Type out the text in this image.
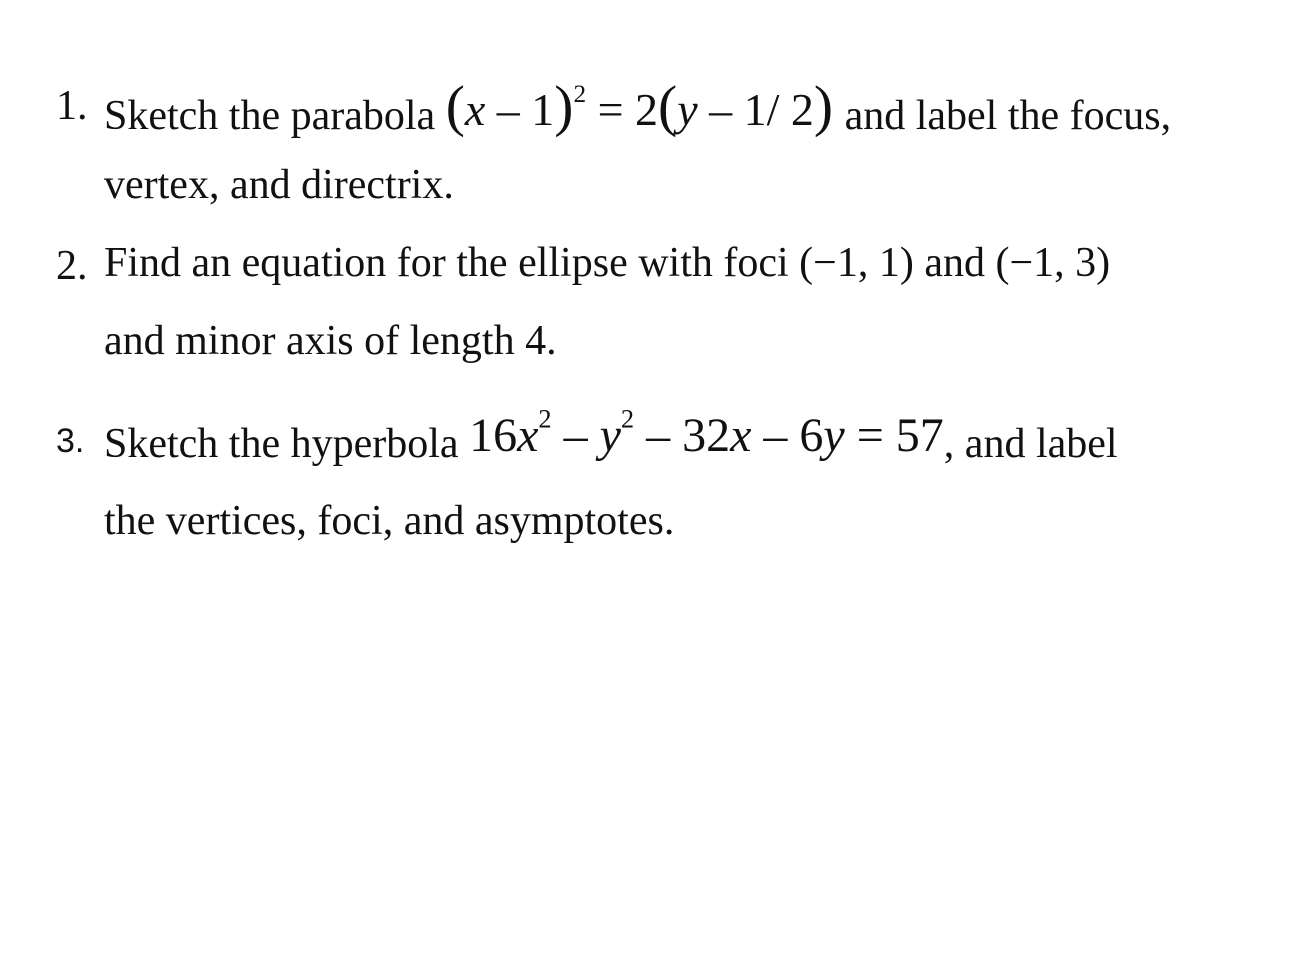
1. Sketch the parabola (x – 1)$^2$ = 2(y – 1/ 2) and label the focus,
vertex, and directrix.
2. Find an equation for the ellipse with foci (−1, 1) and (−1, 3)
and minor axis of length 4.
3. Sketch the hyperbola $16x^2 - y^2 - 32x - 6y = 57$, and label
the vertices, foci, and asymptotes.
